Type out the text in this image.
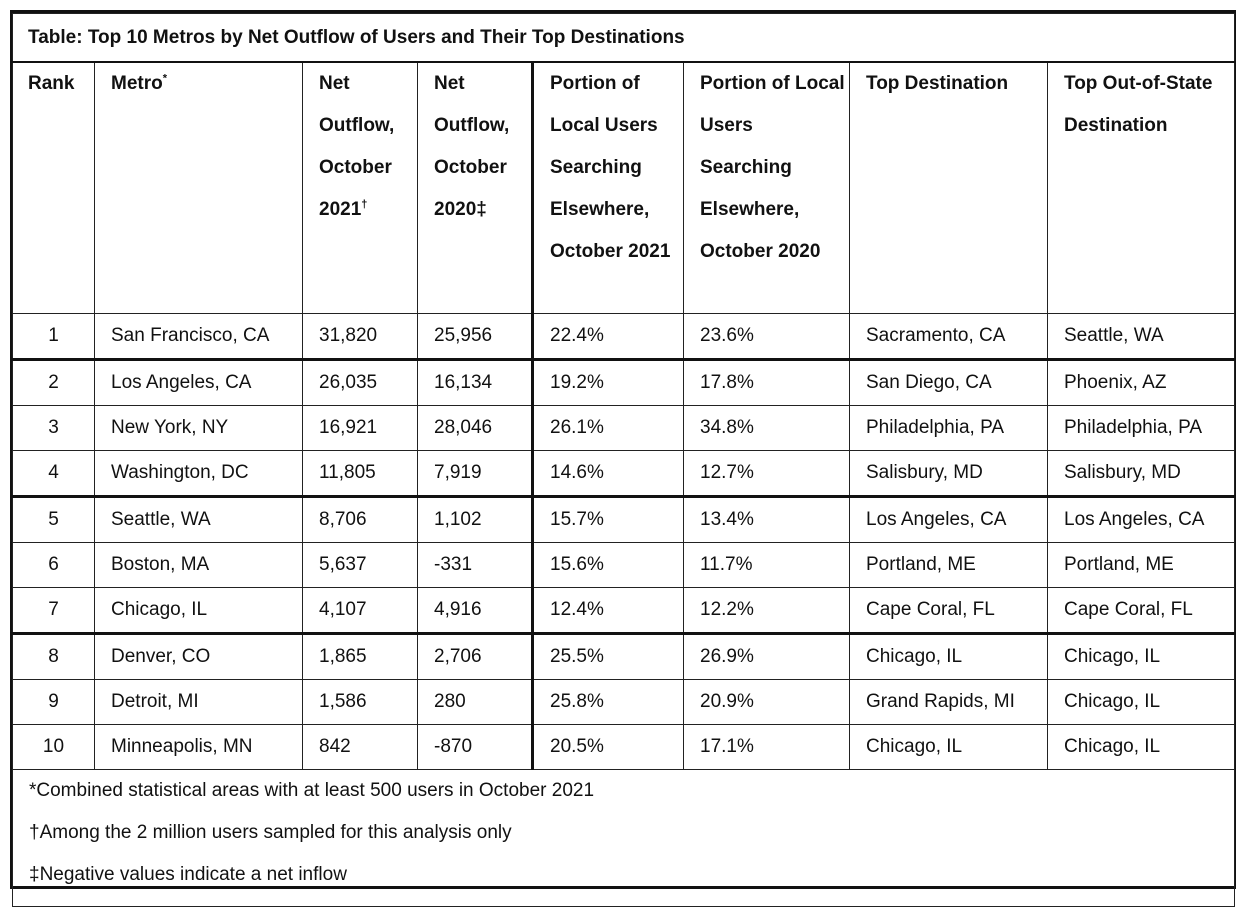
Table: Top 10 Metros by Net Outflow of Users and Their Top Destinations							
Rank	Metro*	Net Outflow, October 2021†	Net Outflow, October 2020‡	Portion of Local Users Searching Elsewhere, October 2021	Portion of Local Users Searching Elsewhere, October 2020	Top Destination	Top Out-of-State Destination
1	San Francisco, CA	31,820	25,956	22.4%	23.6%	Sacramento, CA	Seattle, WA
2	Los Angeles, CA	26,035	16,134	19.2%	17.8%	San Diego, CA	Phoenix, AZ
3	New York, NY	16,921	28,046	26.1%	34.8%	Philadelphia, PA	Philadelphia, PA
4	Washington, DC	11,805	7,919	14.6%	12.7%	Salisbury, MD	Salisbury, MD
5	Seattle, WA	8,706	1,102	15.7%	13.4%	Los Angeles, CA	Los Angeles, CA
6	Boston, MA	5,637	-331	15.6%	11.7%	Portland, ME	Portland, ME
7	Chicago, IL	4,107	4,916	12.4%	12.2%	Cape Coral, FL	Cape Coral, FL
8	Denver, CO	1,865	2,706	25.5%	26.9%	Chicago, IL	Chicago, IL
9	Detroit, MI	1,586	280	25.8%	20.9%	Grand Rapids, MI	Chicago, IL
10	Minneapolis, MN	842	-870	20.5%	17.1%	Chicago, IL	Chicago, IL

*Combined statistical areas with at least 500 users in October 2021
†Among the 2 million users sampled for this analysis only
‡Negative values indicate a net inflow							
